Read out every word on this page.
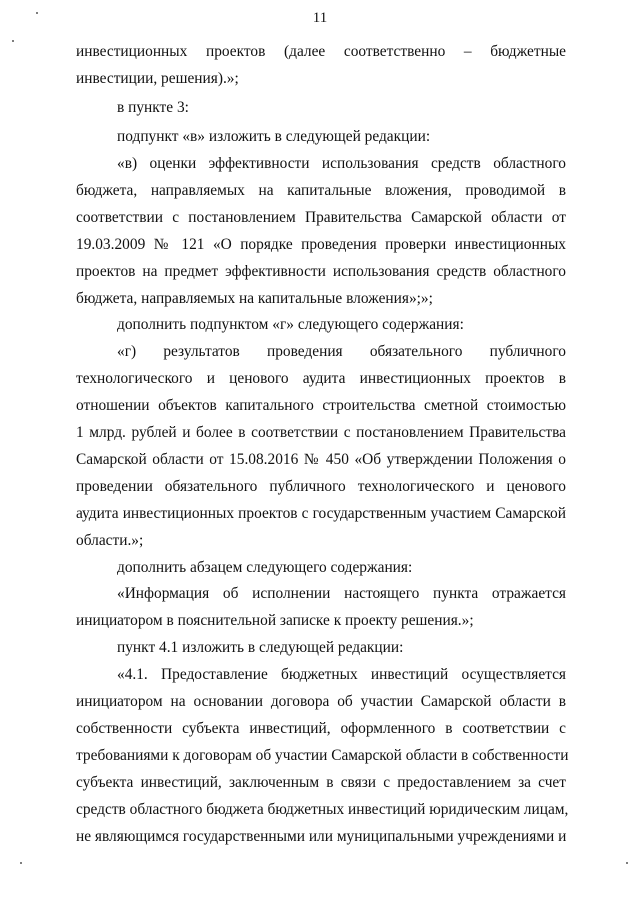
11
инвестиционных проектов (далее соответственно – бюджетные
инвестиции, решения).»;
в пункте 3:
подпункт «в» изложить в следующей редакции:
«в) оценки эффективности использования средств областного
бюджета, направляемых на капитальные вложения, проводимой в
соответствии с постановлением Правительства Самарской области от
19.03.2009 № 121 «О порядке проведения проверки инвестиционных
проектов на предмет эффективности использования средств областного
бюджета, направляемых на капитальные вложения»;»;
дополнить подпунктом «г» следующего содержания:
«г) результатов проведения обязательного публичного
технологического и ценового аудита инвестиционных проектов в
отношении объектов капитального строительства сметной стоимостью
1 млрд. рублей и более в соответствии с постановлением Правительства
Самарской области от 15.08.2016 № 450 «Об утверждении Положения о
проведении обязательного публичного технологического и ценового
аудита инвестиционных проектов с государственным участием Самарской
области.»;
дополнить абзацем следующего содержания:
«Информация об исполнении настоящего пункта отражается
инициатором в пояснительной записке к проекту решения.»;
пункт 4.1 изложить в следующей редакции:
«4.1. Предоставление бюджетных инвестиций осуществляется
инициатором на основании договора об участии Самарской области в
собственности субъекта инвестиций, оформленного в соответствии с
требованиями к договорам об участии Самарской области в собственности
субъекта инвестиций, заключенным в связи с предоставлением за счет
средств областного бюджета бюджетных инвестиций юридическим лицам,
не являющимся государственными или муниципальными учреждениями и
